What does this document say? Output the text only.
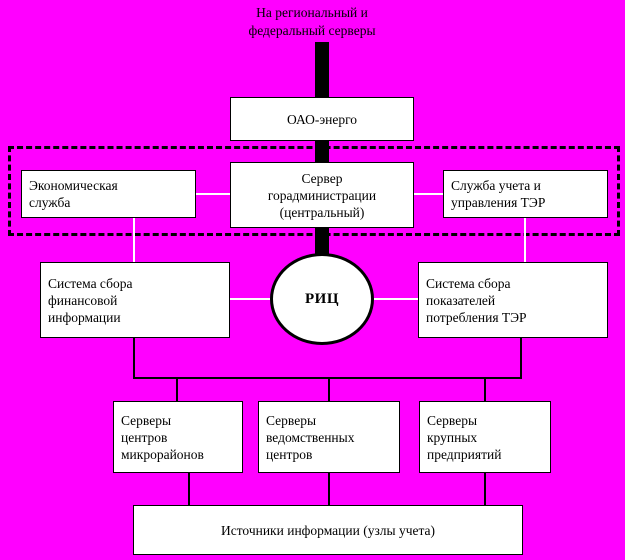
На региональный и
федеральный серверы
ОАО-энерго
Сервер
горадминистрации
(центральный)
Экономическая
служба
Служба учета и
управления ТЭР
Система сбора
финансовой
информации
Система сбора
показателей
потребления ТЭР
РИЦ
Серверы
центров
микрорайонов
Серверы
ведомственных
центров
Серверы
крупных
предприятий
Источники информации (узлы учета)
